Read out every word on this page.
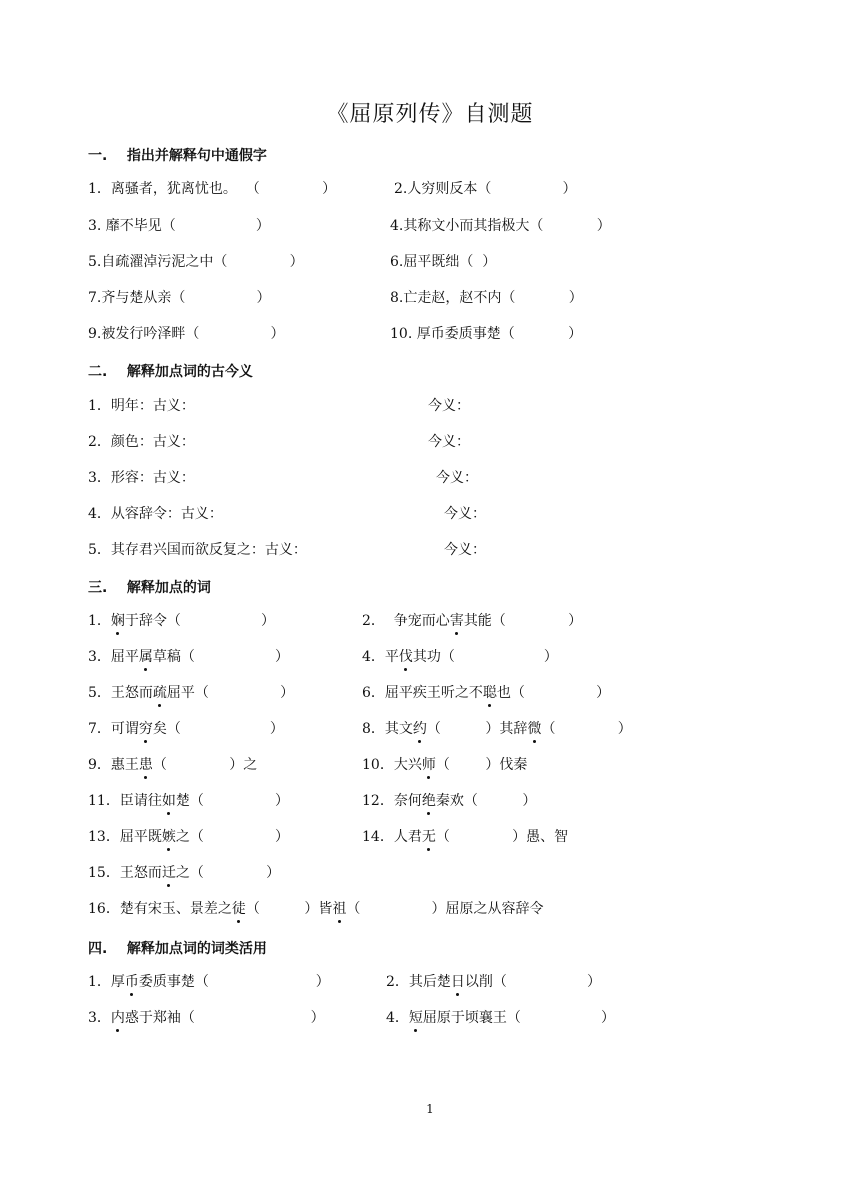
《屈原列传》自测题
一.    指出并解释句中通假字
1．离骚者，犹离忧也。  （              ）	2.人穷则反本（                ）
3. 靡不毕见（                  ）	4.其称文小而其指极大（            ）
5.自疏濯淖污泥之中（              ）	6.屈平既绌（  ）
7.齐与楚从亲（                ）	8.亡走赵，赵不内（            ）
9.被发行吟泽畔（                ）	10. 厚币委质事楚（            ）
二.    解释加点词的古今义
1．明年：古义：	今义：
2．颜色：古义：	今义：
3．形容：古义：	今义：
4．从容辞令：古义：	今义：
5．其存君兴国而欲反复之：古义：	今义：
三.    解释加点的词
1．娴于辞令（                  ）	2．  争宠而心害其能（              ）
3．屈平属草稿（                  ）	4．平伐其功（                    ）
5．王怒而疏屈平（                ）	6．屈平疾王听之不聪也（                ）
7．可谓穷矣（                    ）	8．其文约（          ）其辞微（              ）
9．惠王患（              ）之	10．大兴师（        ）伐秦
11．臣请往如楚（                ）	12．奈何绝秦欢（          ）
13．屈平既嫉之（                ）	14．人君无（              ）愚、智
15．王怒而迁之（              ）
16．楚有宋玉、景差之徒（          ）皆祖（                ）屈原之从容辞令
四.    解释加点词的词类活用
1．厚币委质事楚（                        ）	2．其后楚日以削（                  ）
3．内惑于郑袖（                          ）	4．短屈原于顷襄王（                  ）
1
